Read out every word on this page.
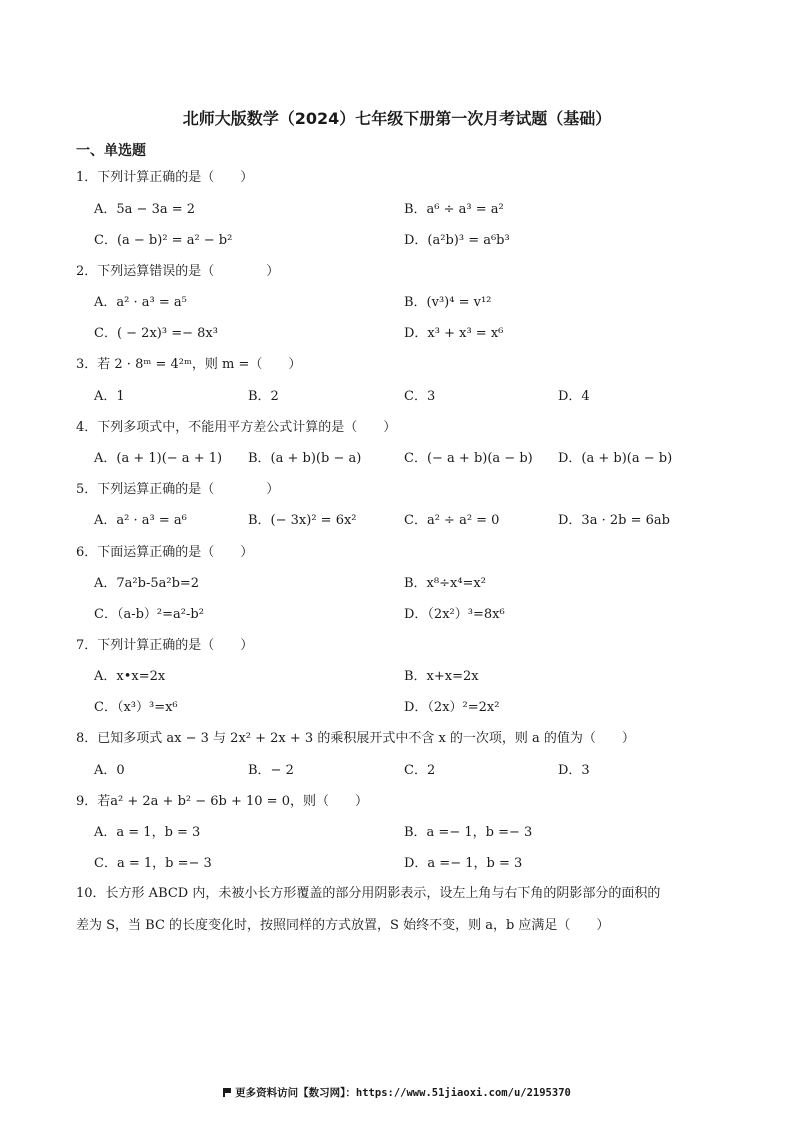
北师大版数学（2024）七年级下册第一次月考试题（基础）
一、单选题
1．下列计算正确的是（　　）
A．5a − 3a = 2	B．a⁶ ÷ a³ = a²
C．(a − b)² = a² − b²	D．(a²b)³ = a⁶b³
2．下列运算错误的是（　　　　）
A．a² · a³ = a⁵	B．(v³)⁴ = v¹²
C．( − 2x)³ =− 8x³	D．x³ + x³ = x⁶
3．若 2 · 8ᵐ = 4²ᵐ，则 m =（　　）
A．1	B．2	C．3	D．4
4．下列多项式中，不能用平方差公式计算的是（　　）
A．(a + 1)(− a + 1) B．(a + b)(b − a)	C．(− a + b)(a − b) D．(a + b)(a − b)
5．下列运算正确的是（　　　　）
A．a² · a³ = a⁶	B．(− 3x)² = 6x²	C．a² ÷ a² = 0	D．3a · 2b = 6ab
6．下面运算正确的是（　　）
A．7a²b-5a²b=2	B．x⁸÷x⁴=x²
C．（a-b）²=a²-b²	D．（2x²）³=8x⁶
7．下列计算正确的是（　　）
A．x•x=2x	B．x+x=2x
C．（x³）³=x⁶	D．（2x）²=2x²
8．已知多项式 ax − 3 与 2x² + 2x + 3 的乘积展开式中不含 x 的一次项，则 a 的值为（　　）
A．0	B．− 2	C．2	D．3
9．若a² + 2a + b² − 6b + 10 = 0，则（　　）
A．a = 1，b = 3	B．a =− 1，b =− 3
C．a = 1，b =− 3	D．a =− 1，b = 3
10．长方形 ABCD 内，未被小长方形覆盖的部分用阴影表示，设左上角与右下角的阴影部分的面积的
差为 S，当 BC 的长度变化时，按照同样的方式放置，S 始终不变，则 a，b 应满足（　　）
更多资料访问【数习网】：https://www.51jiaoxi.com/u/2195370
